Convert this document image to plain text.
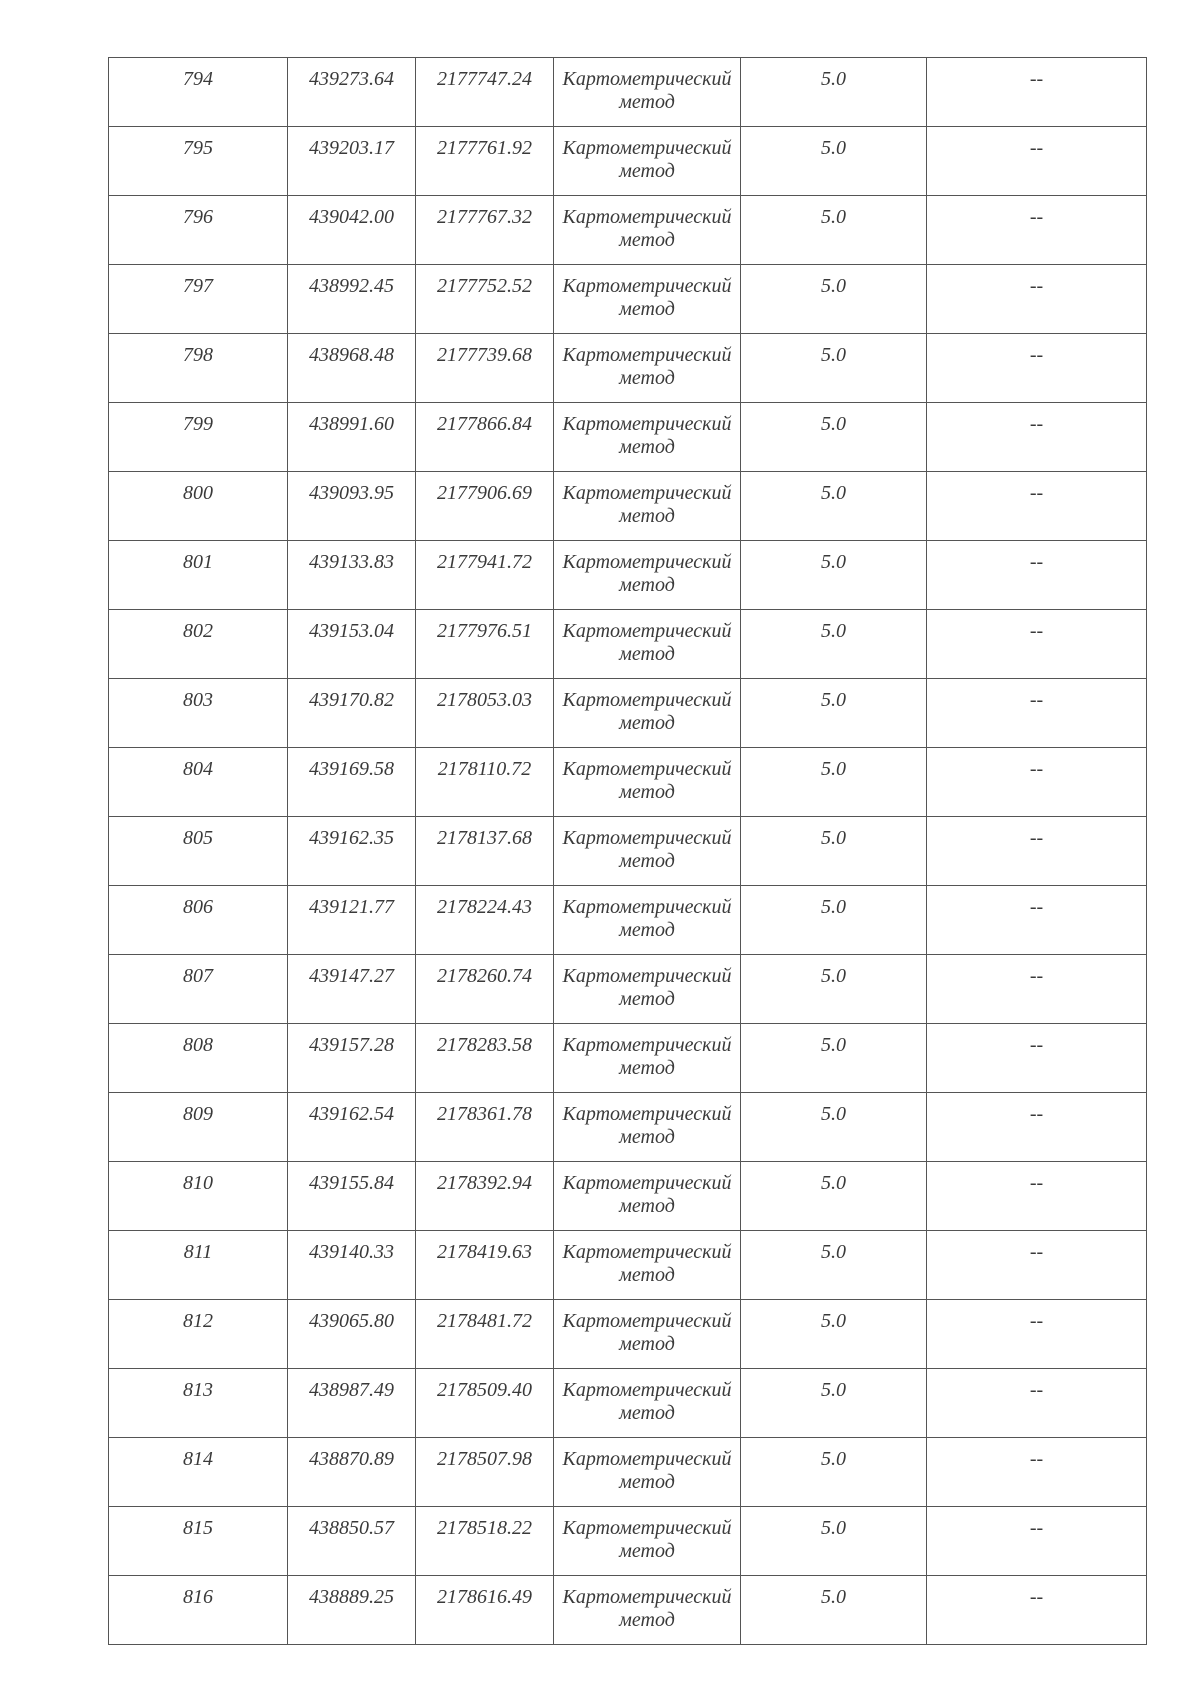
794	439273.64	2177747.24	Картометрический метод	5.0	--
795	439203.17	2177761.92	Картометрический метод	5.0	--
796	439042.00	2177767.32	Картометрический метод	5.0	--
797	438992.45	2177752.52	Картометрический метод	5.0	--
798	438968.48	2177739.68	Картометрический метод	5.0	--
799	438991.60	2177866.84	Картометрический метод	5.0	--
800	439093.95	2177906.69	Картометрический метод	5.0	--
801	439133.83	2177941.72	Картометрический метод	5.0	--
802	439153.04	2177976.51	Картометрический метод	5.0	--
803	439170.82	2178053.03	Картометрический метод	5.0	--
804	439169.58	2178110.72	Картометрический метод	5.0	--
805	439162.35	2178137.68	Картометрический метод	5.0	--
806	439121.77	2178224.43	Картометрический метод	5.0	--
807	439147.27	2178260.74	Картометрический метод	5.0	--
808	439157.28	2178283.58	Картометрический метод	5.0	--
809	439162.54	2178361.78	Картометрический метод	5.0	--
810	439155.84	2178392.94	Картометрический метод	5.0	--
811	439140.33	2178419.63	Картометрический метод	5.0	--
812	439065.80	2178481.72	Картометрический метод	5.0	--
813	438987.49	2178509.40	Картометрический метод	5.0	--
814	438870.89	2178507.98	Картометрический метод	5.0	--
815	438850.57	2178518.22	Картометрический метод	5.0	--
816	438889.25	2178616.49	Картометрический метод	5.0	--
